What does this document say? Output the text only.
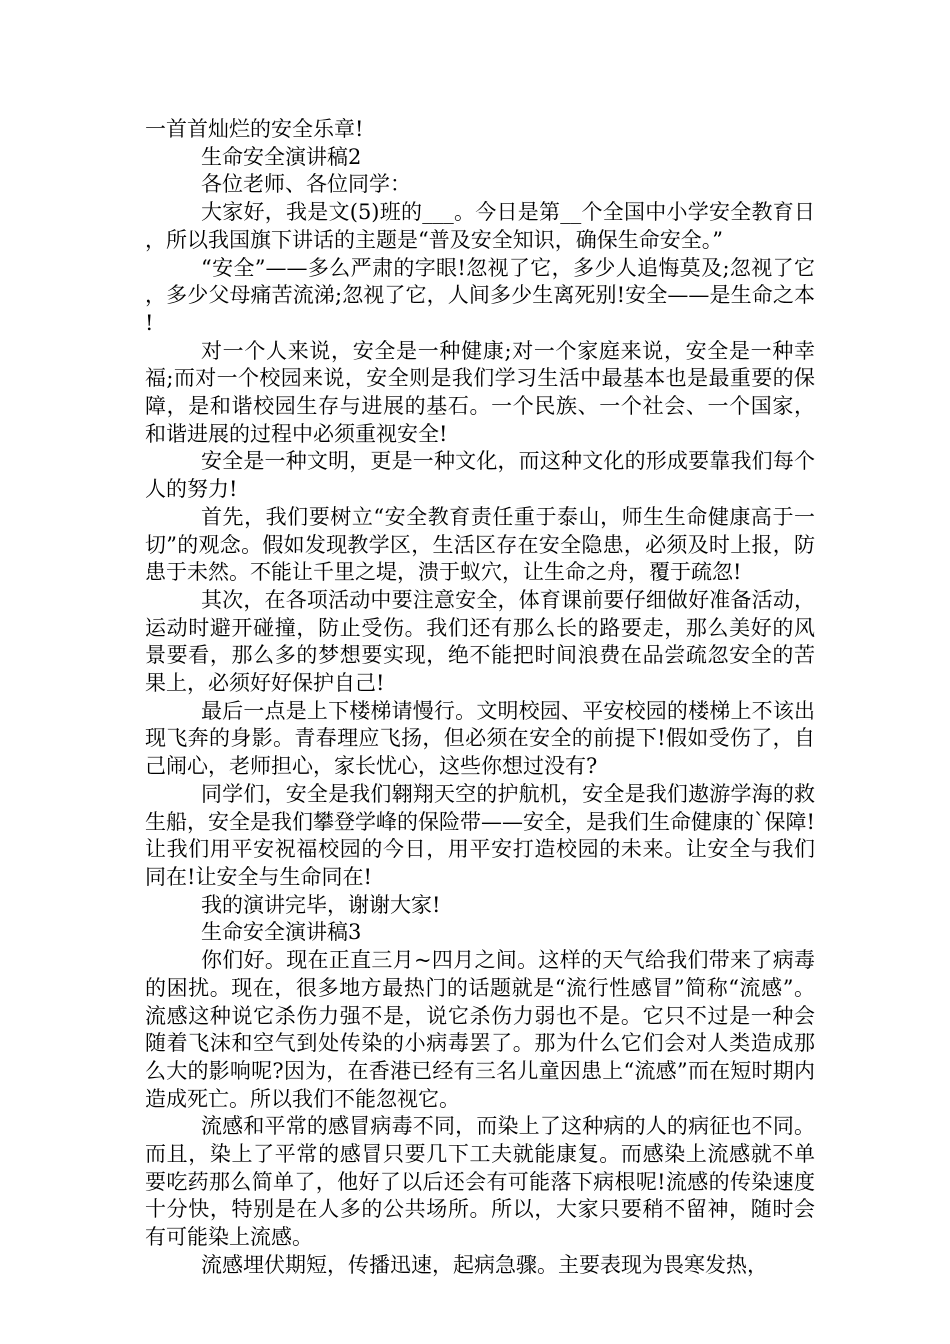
一首首灿烂的安全乐章!

生命安全演讲稿2

各位老师、各位同学：

大家好，我是文(5)班的___。今日是第__个全国中小学安全教育日，所以我国旗下讲话的主题是“普及安全知识，确保生命安全。”

“安全”——多么严肃的字眼!忽视了它，多少人追悔莫及;忽视了它，多少父母痛苦流涕;忽视了它，人间多少生离死别!安全——是生命之本!

对一个人来说，安全是一种健康;对一个家庭来说，安全是一种幸福;而对一个校园来说，安全则是我们学习生活中最基本也是最重要的保障，是和谐校园生存与进展的基石。一个民族、一个社会、一个国家，和谐进展的过程中必须重视安全!

安全是一种文明，更是一种文化，而这种文化的形成要靠我们每个人的努力!

首先，我们要树立“安全教育责任重于泰山，师生生命健康高于一切”的观念。假如发现教学区，生活区存在安全隐患，必须及时上报，防患于未然。不能让千里之堤，溃于蚁穴，让生命之舟，覆于疏忽!

其次，在各项活动中要注意安全，体育课前要仔细做好准备活动，运动时避开碰撞，防止受伤。我们还有那么长的路要走，那么美好的风景要看，那么多的梦想要实现，绝不能把时间浪费在品尝疏忽安全的苦果上，必须好好保护自己!

最后一点是上下楼梯请慢行。文明校园、平安校园的楼梯上不该出现飞奔的身影。青春理应飞扬，但必须在安全的前提下!假如受伤了，自己闹心，老师担心，家长忧心，这些你想过没有?

同学们，安全是我们翱翔天空的护航机，安全是我们遨游学海的救生船，安全是我们攀登学峰的保险带——安全，是我们生命健康的`保障!让我们用平安祝福校园的今日，用平安打造校园的未来。让安全与我们同在!让安全与生命同在!

我的演讲完毕，谢谢大家!

生命安全演讲稿3

你们好。现在正直三月~四月之间。这样的天气给我们带来了病毒的困扰。现在，很多地方最热门的话题就是“流行性感冒”简称“流感”。流感这种说它杀伤力强不是，说它杀伤力弱也不是。它只不过是一种会随着飞沫和空气到处传染的小病毒罢了。那为什么它们会对人类造成那么大的影响呢?因为，在香港已经有三名儿童因患上“流感”而在短时期内造成死亡。所以我们不能忽视它。

流感和平常的感冒病毒不同，而染上了这种病的人的病征也不同。而且，染上了平常的感冒只要几下工夫就能康复。而感染上流感就不单要吃药那么简单了，他好了以后还会有可能落下病根呢!流感的传染速度十分快，特别是在人多的公共场所。所以，大家只要稍不留神，随时会有可能染上流感。

流感埋伏期短，传播迅速，起病急骤。主要表现为畏寒发热，
